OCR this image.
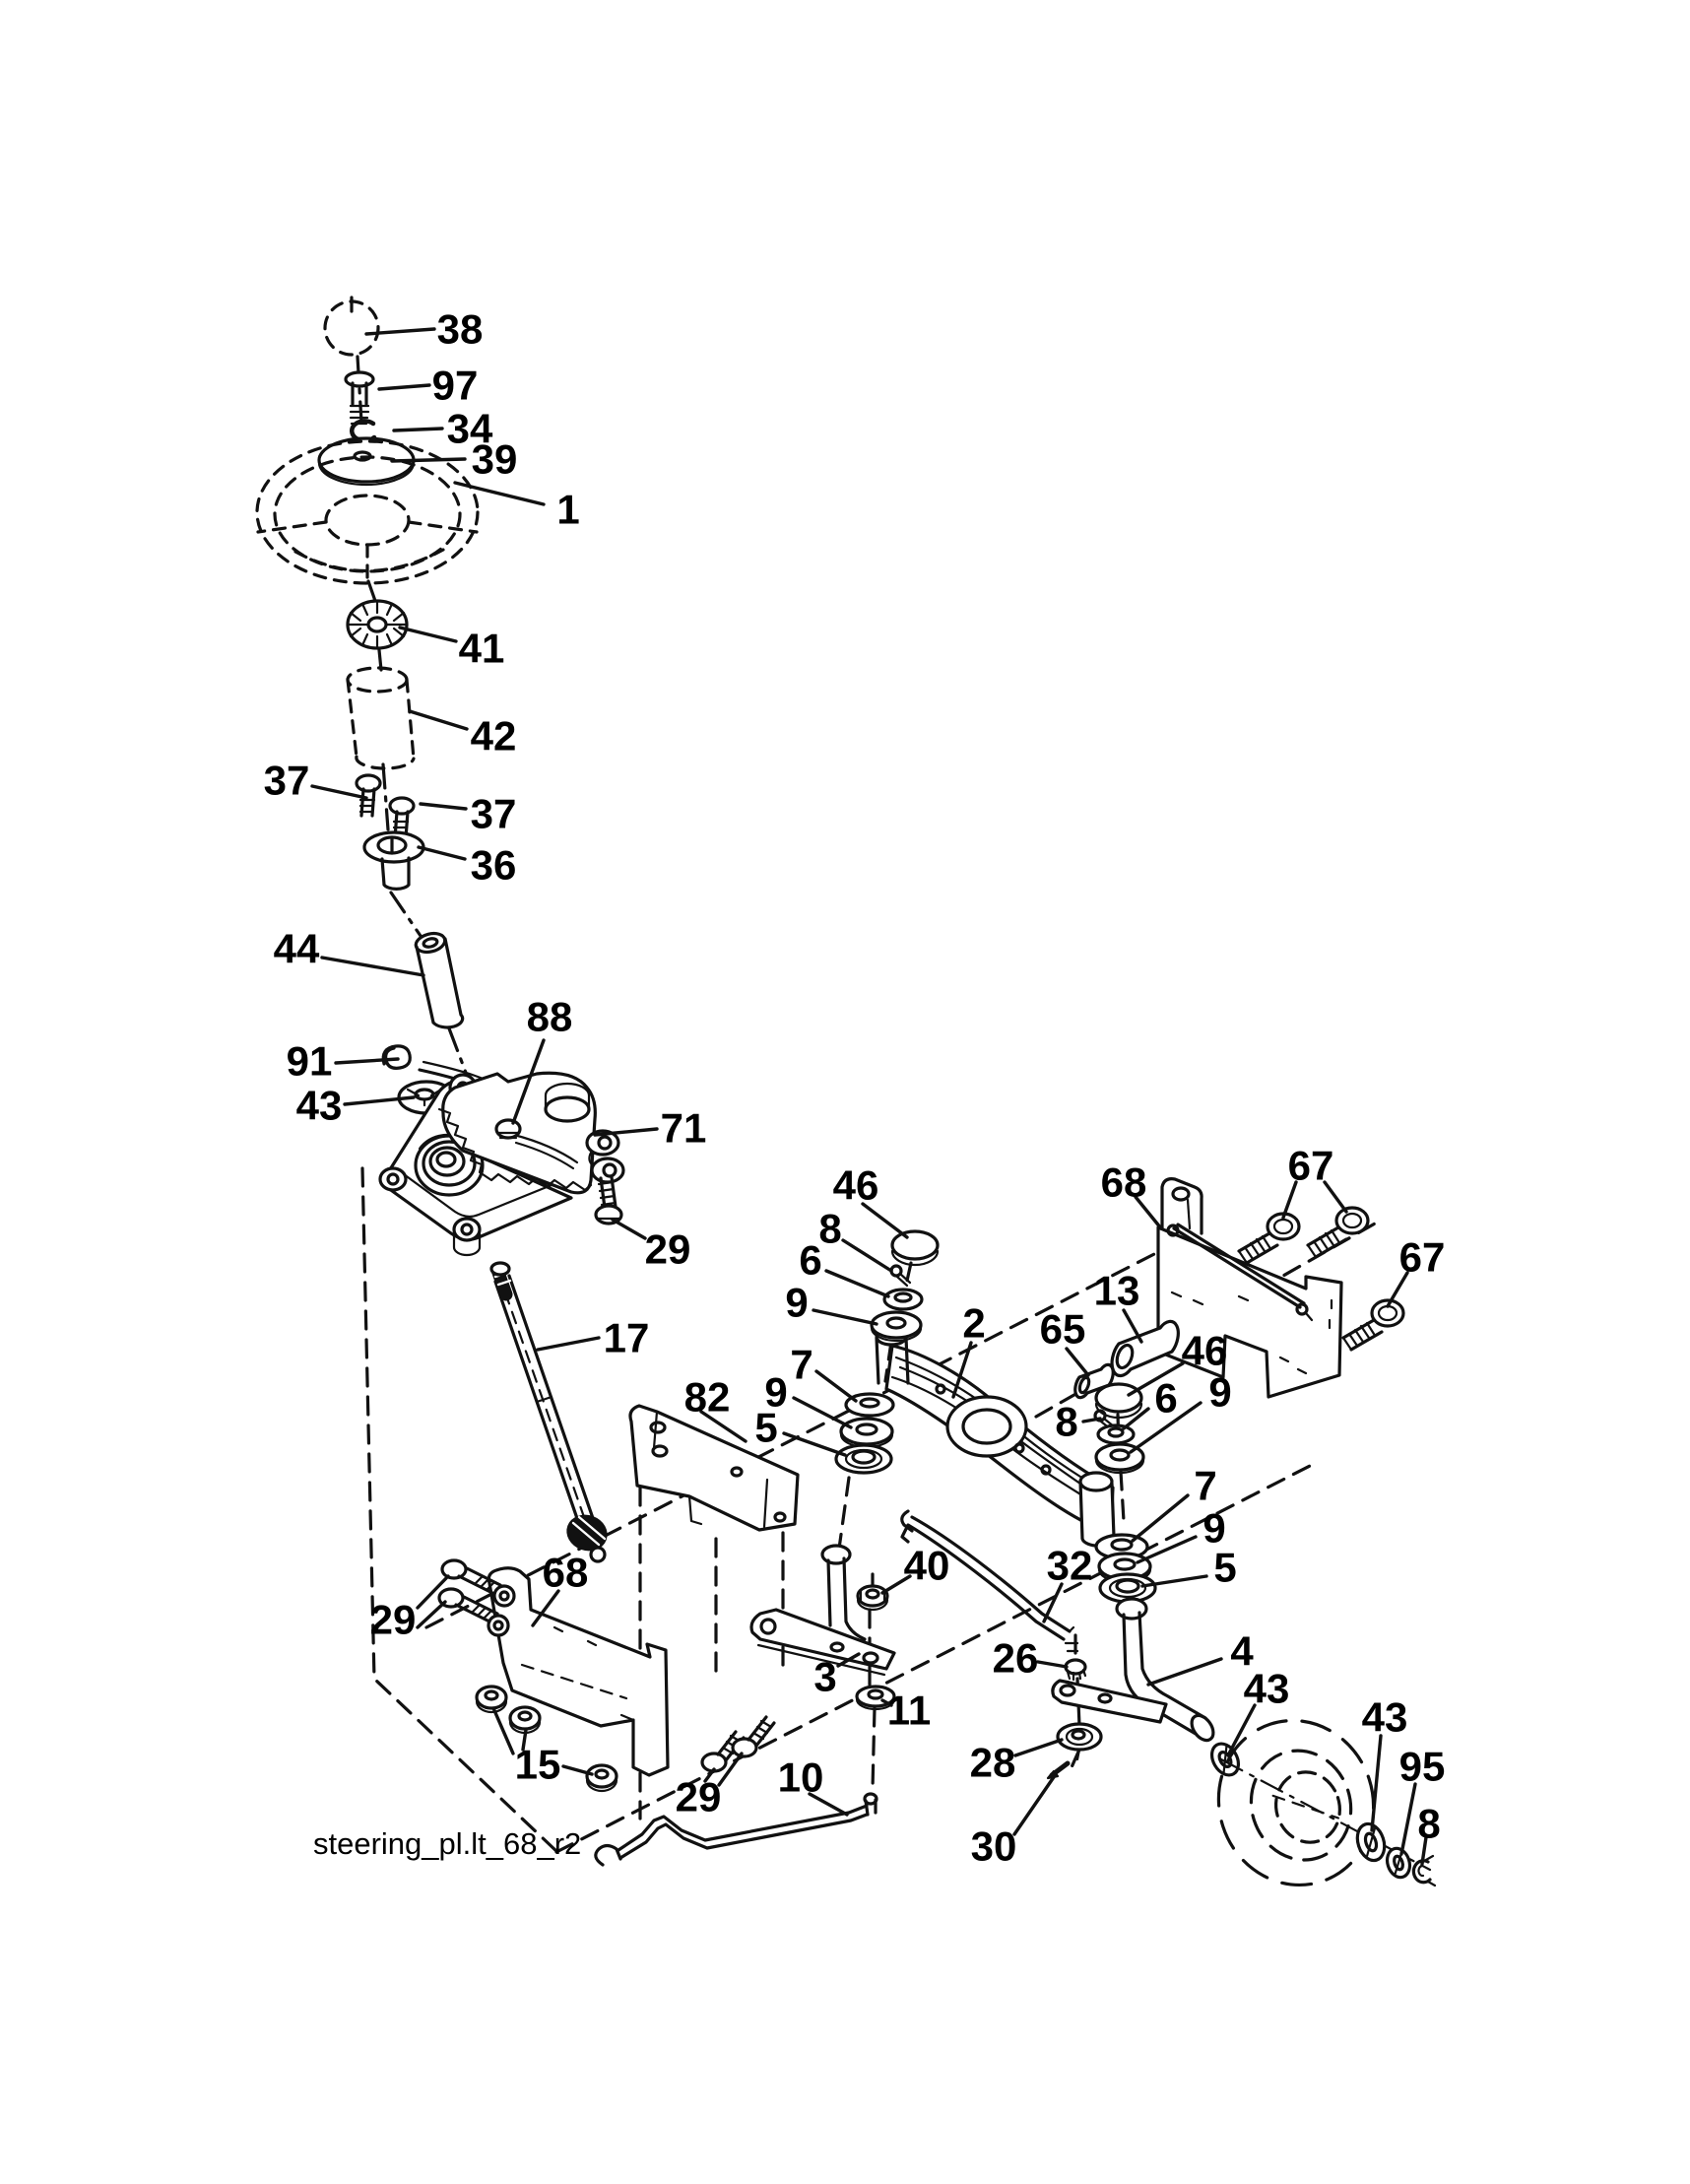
38
97
34
39
1
41
42
37
37
36
44
88
91
43	71
29
17
82
46
8
6
9	2 65
13
68	67
67
46
6 9
8
7
9
5
7
9
5
40 32
3
11
26	4
43
28
30
43
95
8
29
68
15
29 10
steering_pl.lt_68_r2
